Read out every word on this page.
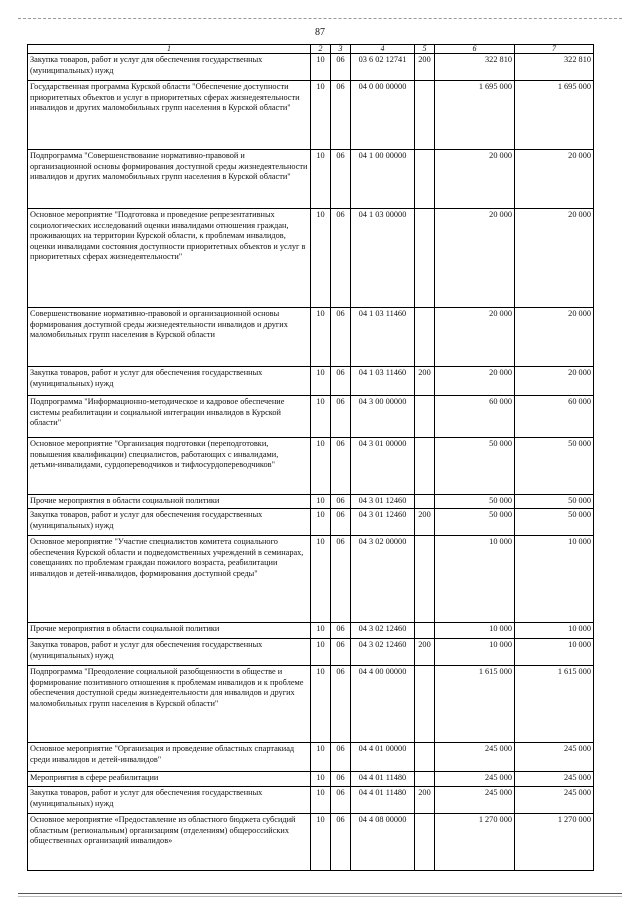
87
1	2	3	4	5	6	7
Закупка товаров, работ и услуг для обеспечения государственных (муниципальных) нужд	10	06	03 6 02 12741	200	322 810	322 810
Государственная программа Курской области "Обеспечение доступности приоритетных объектов и услуг в приоритетных сферах жизнедеятельности инвалидов и других маломобильных групп населения в Курской области"	10	06	04 0 00 00000		1 695 000	1 695 000
Подпрограмма "Совершенствование нормативно-правовой и организационной основы формирования доступной среды жизнедеятельности инвалидов и других маломобильных групп населения в Курской области"	10	06	04 1 00 00000		20 000	20 000
Основное мероприятие "Подготовка и проведение репрезентативных социологических исследований оценки инвалидами отношения граждан, проживающих на территории Курской области, к проблемам инвалидов, оценки инвалидами состояния доступности приоритетных объектов и услуг в приоритетных сферах жизнедеятельности"	10	06	04 1 03 00000		20 000	20 000
Совершенствование нормативно-правовой и организационной основы формирования доступной среды жизнедеятельности инвалидов и других маломобильных групп населения в Курской области	10	06	04 1 03 11460		20 000	20 000
Закупка товаров, работ и услуг для обеспечения государственных (муниципальных) нужд	10	06	04 1 03 11460	200	20 000	20 000
Подпрограмма "Информационно-методическое и кадровое обеспечение системы реабилитации и социальной интеграции инвалидов в Курской области"	10	06	04 3 00 00000		60 000	60 000
Основное мероприятие "Организация подготовки (переподготовки, повышения квалификации) специалистов, работающих с инвалидами, детьми-инвалидами, сурдопереводчиков и тифлосурдопереводчиков"	10	06	04 3 01 00000		50 000	50 000
Прочие мероприятия в области социальной политики	10	06	04 3 01 12460		50 000	50 000
Закупка товаров, работ и услуг для обеспечения государственных (муниципальных) нужд	10	06	04 3 01 12460	200	50 000	50 000
Основное мероприятие "Участие специалистов комитета социального обеспечения Курской области и подведомственных учреждений в семинарах, совещаниях по проблемам граждан пожилого возраста, реабилитации инвалидов и детей-инвалидов, формирования доступной среды"	10	06	04 3 02 00000		10 000	10 000
Прочие мероприятия в области социальной политики	10	06	04 3 02 12460		10 000	10 000
Закупка товаров, работ и услуг для обеспечения государственных (муниципальных) нужд	10	06	04 3 02 12460	200	10 000	10 000
Подпрограмма "Преодоление социальной разобщенности в обществе и формирование позитивного отношения к проблемам инвалидов и к проблеме обеспечения доступной среды жизнедеятельности для инвалидов и других маломобильных групп населения в Курской области"	10	06	04 4 00 00000		1 615 000	1 615 000
Основное мероприятие "Организация и проведение областных спартакиад среди инвалидов и детей-инвалидов"	10	06	04 4 01 00000		245 000	245 000
Мероприятия в сфере реабилитации	10	06	04 4 01 11480		245 000	245 000
Закупка товаров, работ и услуг для обеспечения государственных (муниципальных) нужд	10	06	04 4 01 11480	200	245 000	245 000
Основное мероприятие «Предоставление из областного бюджета субсидий областным (региональным) организациям (отделениям) общероссийских общественных организаций инвалидов»	10	06	04 4 08 00000		1 270 000	1 270 000
